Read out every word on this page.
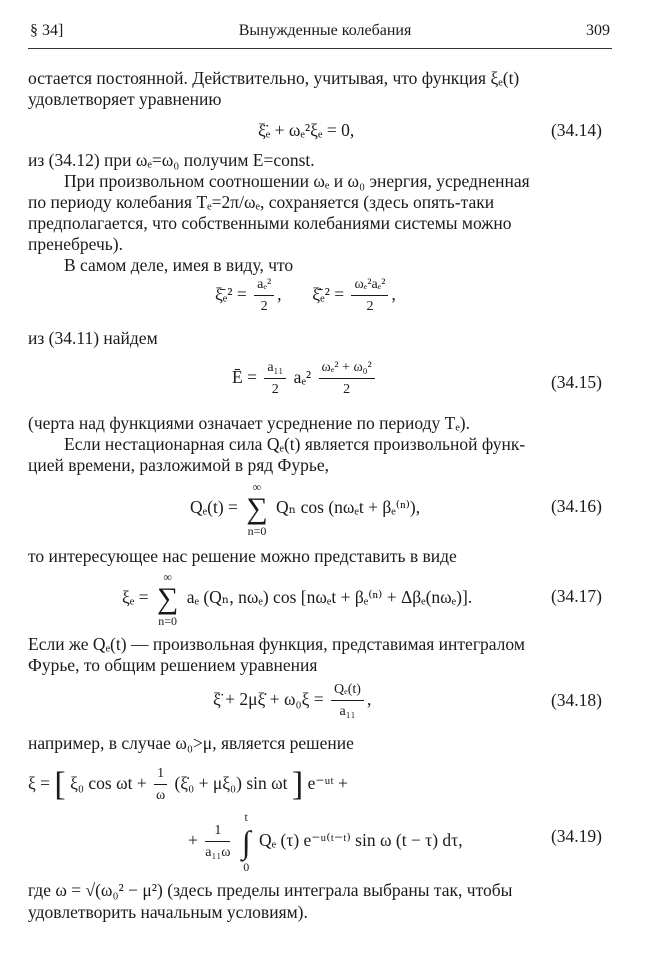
§ 34]	Вынужденные колебания	309
остается постоянной. Действительно, учитывая, что функция ξₑ(t)
удовлетворяет уравнению
ξ̈ₑ + ωₑ²ξₑ = 0,	(34.14)
из (34.12) при ωₑ=ω₀ получим E=const.
При произвольном соотношении ωₑ и ω₀ энергия, усредненная
по периоду колебания Tₑ=2π/ωₑ, сохраняется (здесь опять-таки
предполагается, что собственными колебаниями системы можно
пренебречь).
В самом деле, имея в виду, что
ξ̄ₑ² = $\frac{\text{aₑ²}}{2}$ ,  ξ̇̄ₑ² = $\frac{\text{ωₑ²aₑ²}}{2}$ ,
из (34.11) найдем
Ē = $\frac{\text{a₁₁}}{2} a_e^2 \frac{\text{ωₑ² + ω₀²}}{2}$	(34.15)
(черта над функциями означает усреднение по периоду Tₑ).
Если нестационарная сила Qₑ(t) является произвольной функ-
цией времени, разложимой в ряд Фурье,
Qₑ(t) =
∞
∑
n=0
Qₙ cos (nωₑt + βₑ⁽ⁿ⁾),	(34.16)
то интересующее нас решение можно представить в виде
ξₑ =
∞
∑
n=0
aₑ (Qₙ, nωₑ) cos [nωₑt + βₑ⁽ⁿ⁾ + Δβₑ(nωₑ)].	(34.17)
Если же Qₑ(t) — произвольная функция, представимая интегралом
Фурье, то общим решением уравнения
ξ̈ + 2μξ̇ + $\omega_0\xi = \frac{\text{Qₑ(t)}}{\text{a₁₁}}$ ,	(34.18)
например, в случае ω₀>μ, является решение
ξ = [ ξ₀ $\cos \omega t + \frac{1}{\omega}$ (ξ̇₀ + μξ₀) sin ωt ] e⁻ᵘᵗ +
+ $\frac{1}{\text{a₁₁ω}}$

t
∫
0
Qₑ (τ) e⁻ᵘ⁽ᵗ⁻ᵗ⁾ sin ω (t − τ) dτ,	(34.19)
где ω = √(ω₀² − μ²) (здесь пределы интеграла выбраны так, чтобы
удовлетворить начальным условиям).
